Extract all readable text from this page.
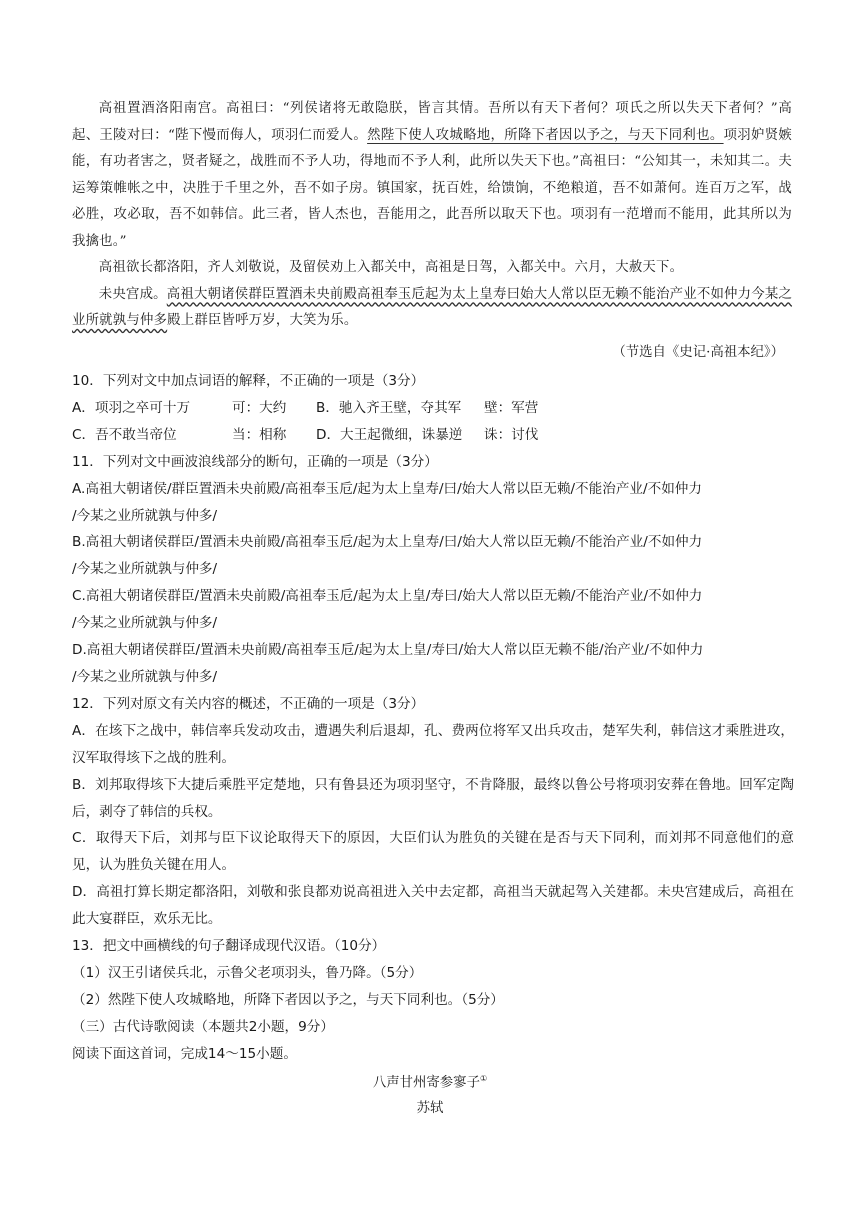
高祖置酒洛阳南宫。高祖曰：“列侯诸将无敢隐朕，皆言其情。吾所以有天下者何？项氏之所以失天下者何？”高起、王陵对曰：“陛下慢而侮人，项羽仁而爱人。然陛下使人攻城略地，所降下者因以予之，与天下同利也。项羽妒贤嫉能，有功者害之，贤者疑之，战胜而不予人功，得地而不予人利，此所以失天下也。”高祖曰：“公知其一，未知其二。夫运筹策帷帐之中，决胜于千里之外，吾不如子房。镇国家，抚百姓，给馈饷，不绝粮道，吾不如萧何。连百万之军，战必胜，攻必取，吾不如韩信。此三者，皆人杰也，吾能用之，此吾所以取天下也。项羽有一范增而不能用，此其所以为我擒也。”

高祖欲长都洛阳，齐人刘敬说，及留侯劝上入都关中，高祖是日驾，入都关中。六月，大赦天下。

未央宫成。高祖大朝诸侯群臣置酒未央前殿高祖奉玉卮起为太上皇寿曰始大人常以臣无赖不能治产业不如仲力今某之业所就孰与仲多殿上群臣皆呼万岁，大笑为乐。

（节选自《史记·高祖本纪》）
10．下列对文中加点词语的解释，不正确的一项是（3分）
A．项羽之卒可十万	可：大约	B．驰入齐王壁，夺其军	壁：军营
C．吾不敢当帝位	当：相称	D．大王起微细，诛暴逆	诛：讨伐
11．下列对文中画波浪线部分的断句，正确的一项是（3分）
A.高祖大朝诸侯/群臣置酒未央前殿/高祖奉玉卮/起为太上皇寿/曰/始大人常以臣无赖/不能治产业/不如仲力
/今某之业所就孰与仲多/
B.高祖大朝诸侯群臣/置酒未央前殿/高祖奉玉卮/起为太上皇寿/曰/始大人常以臣无赖/不能治产业/不如仲力
/今某之业所就孰与仲多/
C.高祖大朝诸侯群臣/置酒未央前殿/高祖奉玉卮/起为太上皇/寿曰/始大人常以臣无赖/不能治产业/不如仲力
/今某之业所就孰与仲多/
D.高祖大朝诸侯群臣/置酒未央前殿/高祖奉玉卮/起为太上皇/寿曰/始大人常以臣无赖不能/治产业/不如仲力
/今某之业所就孰与仲多/
12．下列对原文有关内容的概述，不正确的一项是（3分）
A．在垓下之战中，韩信率兵发动攻击，遭遇失利后退却，孔、费两位将军又出兵攻击，楚军失利，韩信这才乘胜进攻，汉军取得垓下之战的胜利。
B．刘邦取得垓下大捷后乘胜平定楚地，只有鲁县还为项羽坚守，不肯降服，最终以鲁公号将项羽安葬在鲁地。回军定陶后，剥夺了韩信的兵权。
C．取得天下后，刘邦与臣下议论取得天下的原因，大臣们认为胜负的关键在是否与天下同利，而刘邦不同意他们的意见，认为胜负关键在用人。
D．高祖打算长期定都洛阳，刘敬和张良都劝说高祖进入关中去定都，高祖当天就起驾入关建都。未央宫建成后，高祖在此大宴群臣，欢乐无比。
13．把文中画横线的句子翻译成现代汉语。（10分）
（1）汉王引诸侯兵北，示鲁父老项羽头，鲁乃降。（5分）
（2）然陛下使人攻城略地，所降下者因以予之，与天下同利也。（5分）
（三）古代诗歌阅读（本题共2小题，9分）
阅读下面这首词，完成14～15小题。
八声甘州寄参寥子①
苏轼
